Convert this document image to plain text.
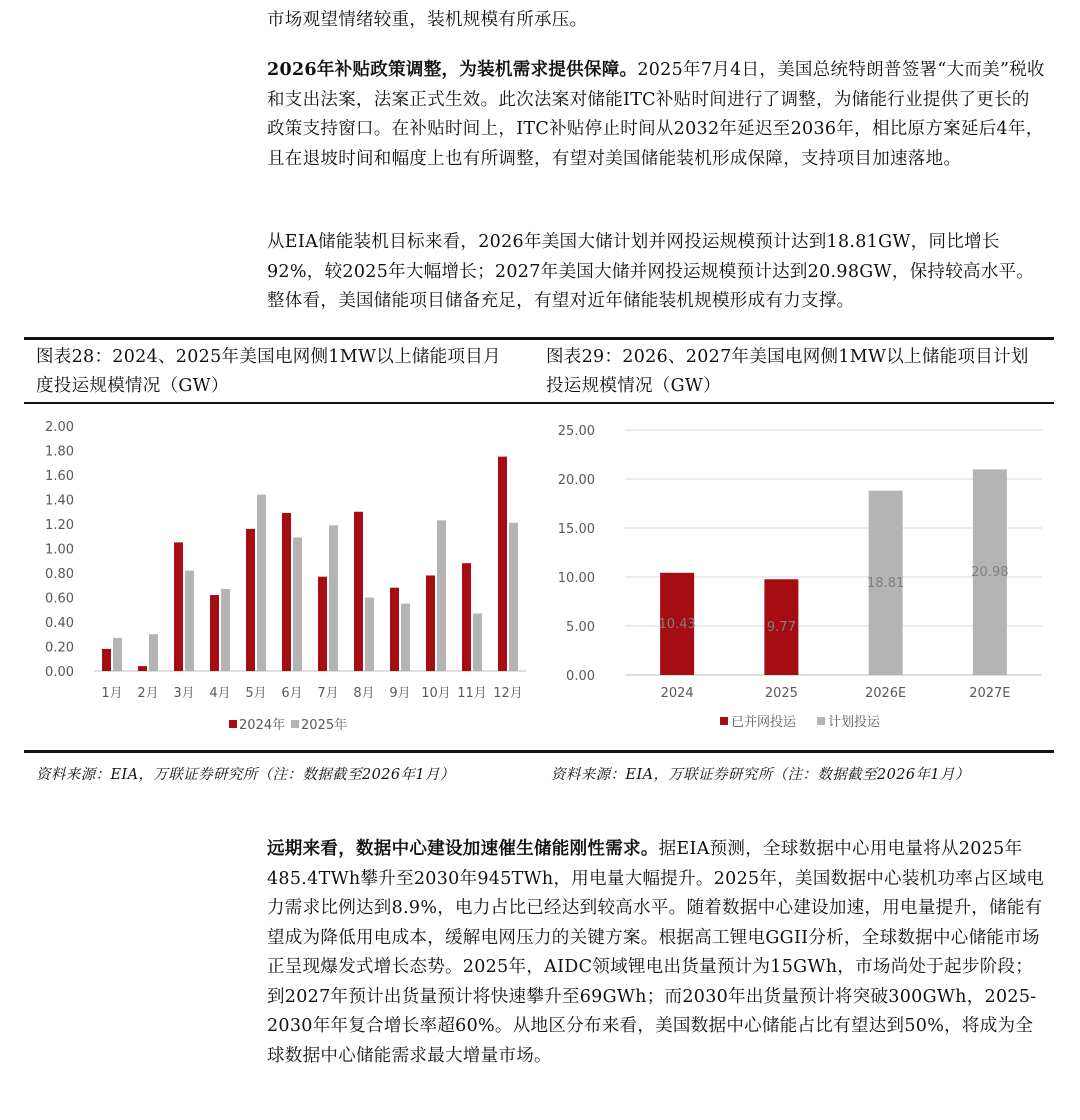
市场观望情绪较重，装机规模有所承压。

2026年补贴政策调整，为装机需求提供保障。2025年7月4日，美国总统特朗普签署“大而美”税收和支出法案，法案正式生效。此次法案对储能ITC补贴时间进行了调整，为储能行业提供了更长的政策支持窗口。在补贴时间上，ITC补贴停止时间从2032年延迟至2036年，相比原方案延后4年，且在退坡时间和幅度上也有所调整，有望对美国储能装机形成保障，支持项目加速落地。

从EIA储能装机目标来看，2026年美国大储计划并网投运规模预计达到18.81GW，同比增长92%，较2025年大幅增长；2027年美国大储并网投运规模预计达到20.98GW，保持较高水平。整体看，美国储能项目储备充足，有望对近年储能装机规模形成有力支撑。

图表28：2024、2025年美国电网侧1MW以上储能项目月度投运规模情况（GW）

图表29：2026、2027年美国电网侧1MW以上储能项目计划投运规模情况（GW）

0.00
0.20
0.40
0.60
0.80
1.00
1.20
1.40
1.60
1.80
2.00
1月 2月 3月 4月 5月 6月 7月 8月 9月 10月 11月 12月
2024年 2025年
0.00
5.00
10.00
15.00
20.00
25.00
10.43
2024
9.77
2025
18.81
2026E
20.98
2027E
已并网投运 计划投运

资料来源：EIA，万联证券研究所（注：数据截至2026年1月）	资料来源：EIA，万联证券研究所（注：数据截至2026年1月）

远期来看，数据中心建设加速催生储能刚性需求。据EIA预测，全球数据中心用电量将从2025年485.4TWh攀升至2030年945TWh，用电量大幅提升。2025年，美国数据中心装机功率占区域电力需求比例达到8.9%，电力占比已经达到较高水平。随着数据中心建设加速，用电量提升，储能有望成为降低用电成本，缓解电网压力的关键方案。根据高工锂电GGII分析，全球数据中心储能市场正呈现爆发式增长态势。2025年，AIDC领域锂电出货量预计为15GWh，市场尚处于起步阶段；到2027年预计出货量预计将快速攀升至69GWh；而2030年出货量预计将突破300GWh，2025-2030年年复合增长率超60%。从地区分布来看，美国数据中心储能占比有望达到50%，将成为全球数据中心储能需求最大增量市场。
